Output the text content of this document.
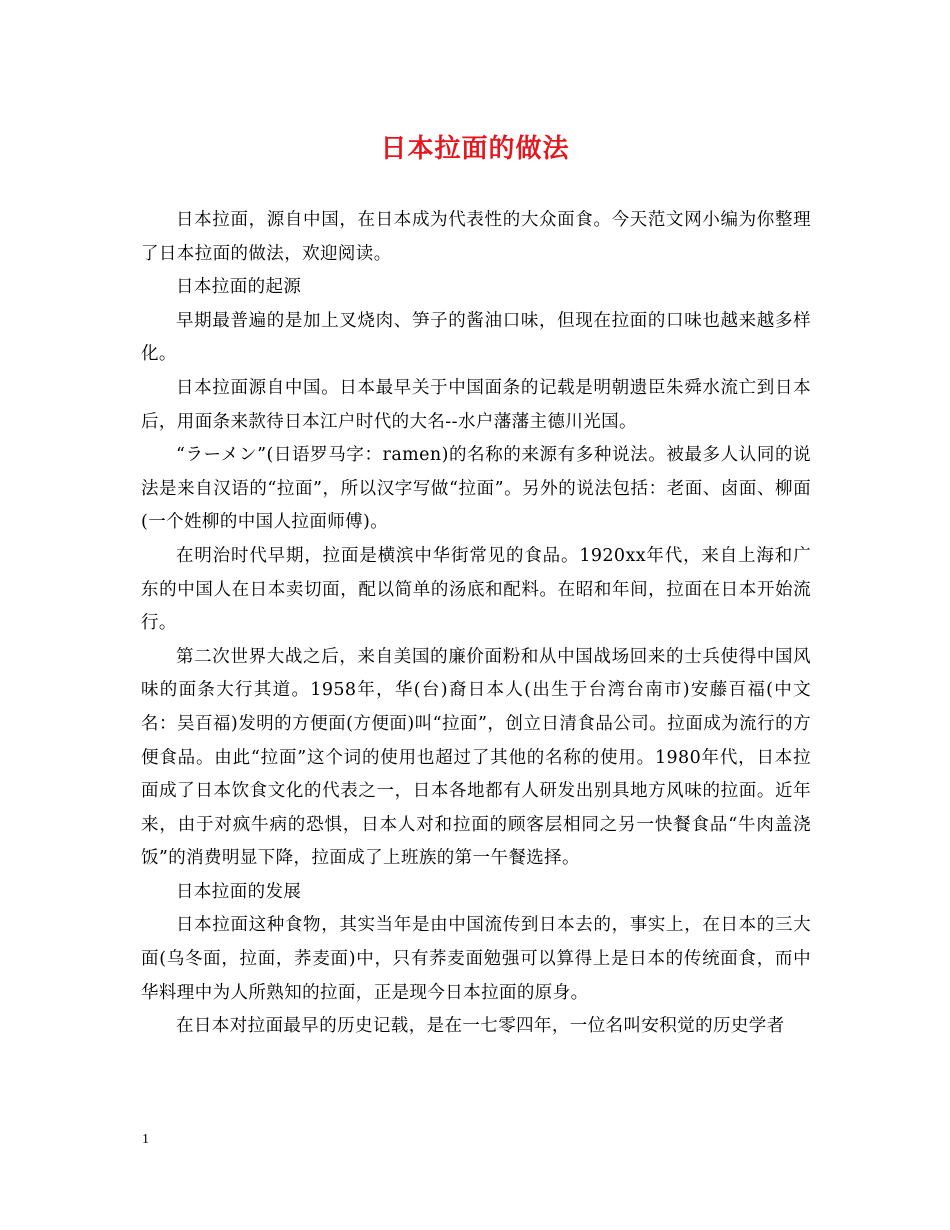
日本拉面的做法

日本拉面，源自中国，在日本成为代表性的大众面食。今天范文网小编为你整理了日本拉面的做法，欢迎阅读。

日本拉面的起源

早期最普遍的是加上叉烧肉、笋子的酱油口味，但现在拉面的口味也越来越多样化。

日本拉面源自中国。日本最早关于中国面条的记载是明朝遗臣朱舜水流亡到日本后，用面条来款待日本江户时代的大名--水户藩藩主德川光国。

“ラーメン”(日语罗马字：ramen)的名称的来源有多种说法。被最多人认同的说法是来自汉语的“拉面”，所以汉字写做“拉面”。另外的说法包括：老面、卤面、柳面(一个姓柳的中国人拉面师傅)。

在明治时代早期，拉面是横滨中华街常见的食品。1920xx年代，来自上海和广东的中国人在日本卖切面，配以简单的汤底和配料。在昭和年间，拉面在日本开始流行。

第二次世界大战之后，来自美国的廉价面粉和从中国战场回来的士兵使得中国风味的面条大行其道。1958年，华(台)裔日本人(出生于台湾台南市)安藤百福(中文名：吴百福)发明的方便面(方便面)叫“拉面”，创立日清食品公司。拉面成为流行的方便食品。由此“拉面”这个词的使用也超过了其他的名称的使用。1980年代，日本拉面成了日本饮食文化的代表之一，日本各地都有人研发出别具地方风味的拉面。近年来，由于对疯牛病的恐惧，日本人对和拉面的顾客层相同之另一快餐食品“牛肉盖浇饭”的消费明显下降，拉面成了上班族的第一午餐选择。

日本拉面的发展

日本拉面这种食物，其实当年是由中国流传到日本去的，事实上，在日本的三大面(乌冬面，拉面，荞麦面)中，只有荞麦面勉强可以算得上是日本的传统面食，而中华料理中为人所熟知的拉面，正是现今日本拉面的原身。

在日本对拉面最早的历史记载，是在一七零四年，一位名叫安积觉的历史学者

1
